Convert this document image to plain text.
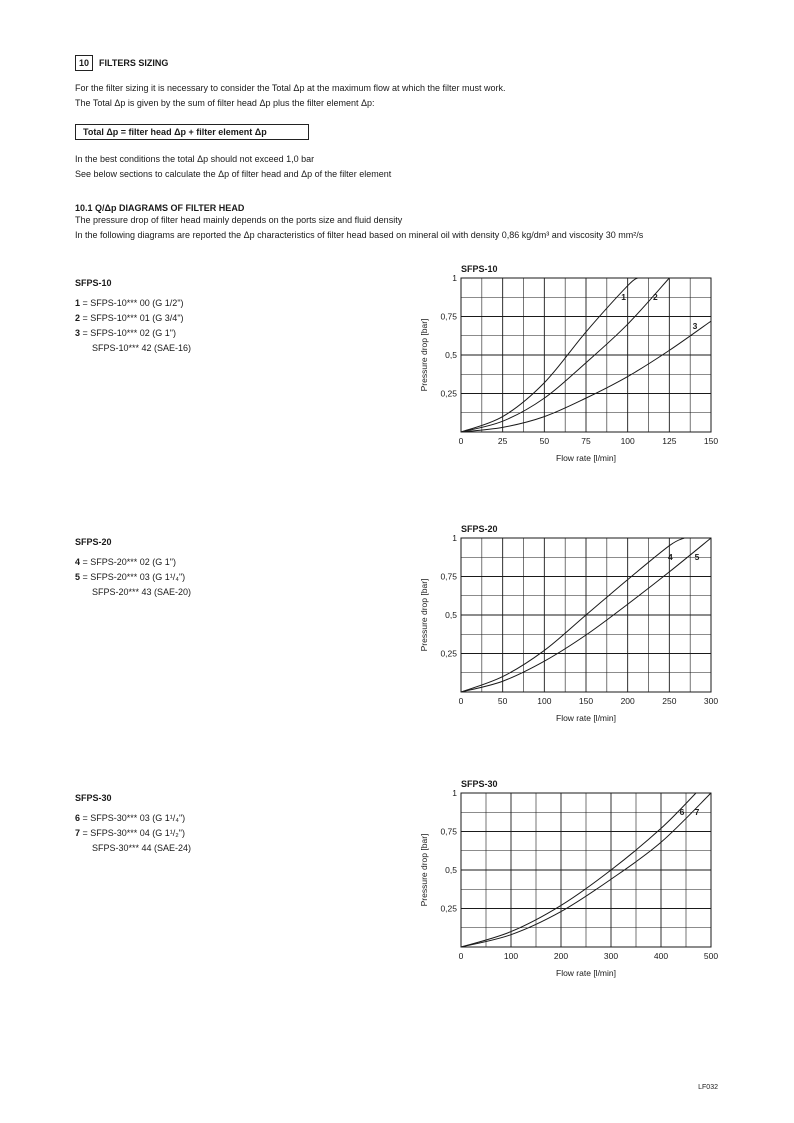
10	FILTERS SIZING
For the filter sizing it is necessary to consider the Total Δp at the maximum flow at which the filter must work.
The Total Δp is given by the sum of filter head Δp plus the filter element Δp:
Total Δp = filter head Δp + filter element Δp
In the best conditions the total Δp should not exceed 1,0 bar
See below sections to calculate the Δp of filter head and Δp of the filter element
10.1 Q/Δp DIAGRAMS OF FILTER HEAD
The pressure drop of filter head mainly depends on the ports size and fluid density
In the following diagrams are reported the Δp characteristics of filter head based on mineral oil with density 0,86 kg/dm³ and viscosity 30 mm²/s
SFPS-10
1 = SFPS-10*** 00 (G 1/2")
2 = SFPS-10*** 01 (G 3/4")
3 = SFPS-10*** 02 (G 1")
SFPS-10*** 42 (SAE-16)
SFPS-20
4 = SFPS-20*** 02 (G 1")
5 = SFPS-20*** 03 (G 1¹/₄")
SFPS-20*** 43 (SAE-20)
SFPS-30
6 = SFPS-30*** 03 (G 1¹/₄")
7 = SFPS-30*** 04 (G 1¹/₂")
SFPS-30*** 44 (SAE-24)
SFPS-10
0	25	50	75	100	125	150
0,25
0,5
0,75
1
Flow rate [l/min]
Pressure drop [bar]
1	2
3
SFPS-20
0	50	100	150	200	250	300
0,25
0,5
0,75
1
Flow rate [l/min]
Pressure drop [bar]
4	5
SFPS-30
0	100	200	300	400	500
0,25
0,5
0,75
1
Flow rate [l/min]
Pressure drop [bar]
6 7
LF032
